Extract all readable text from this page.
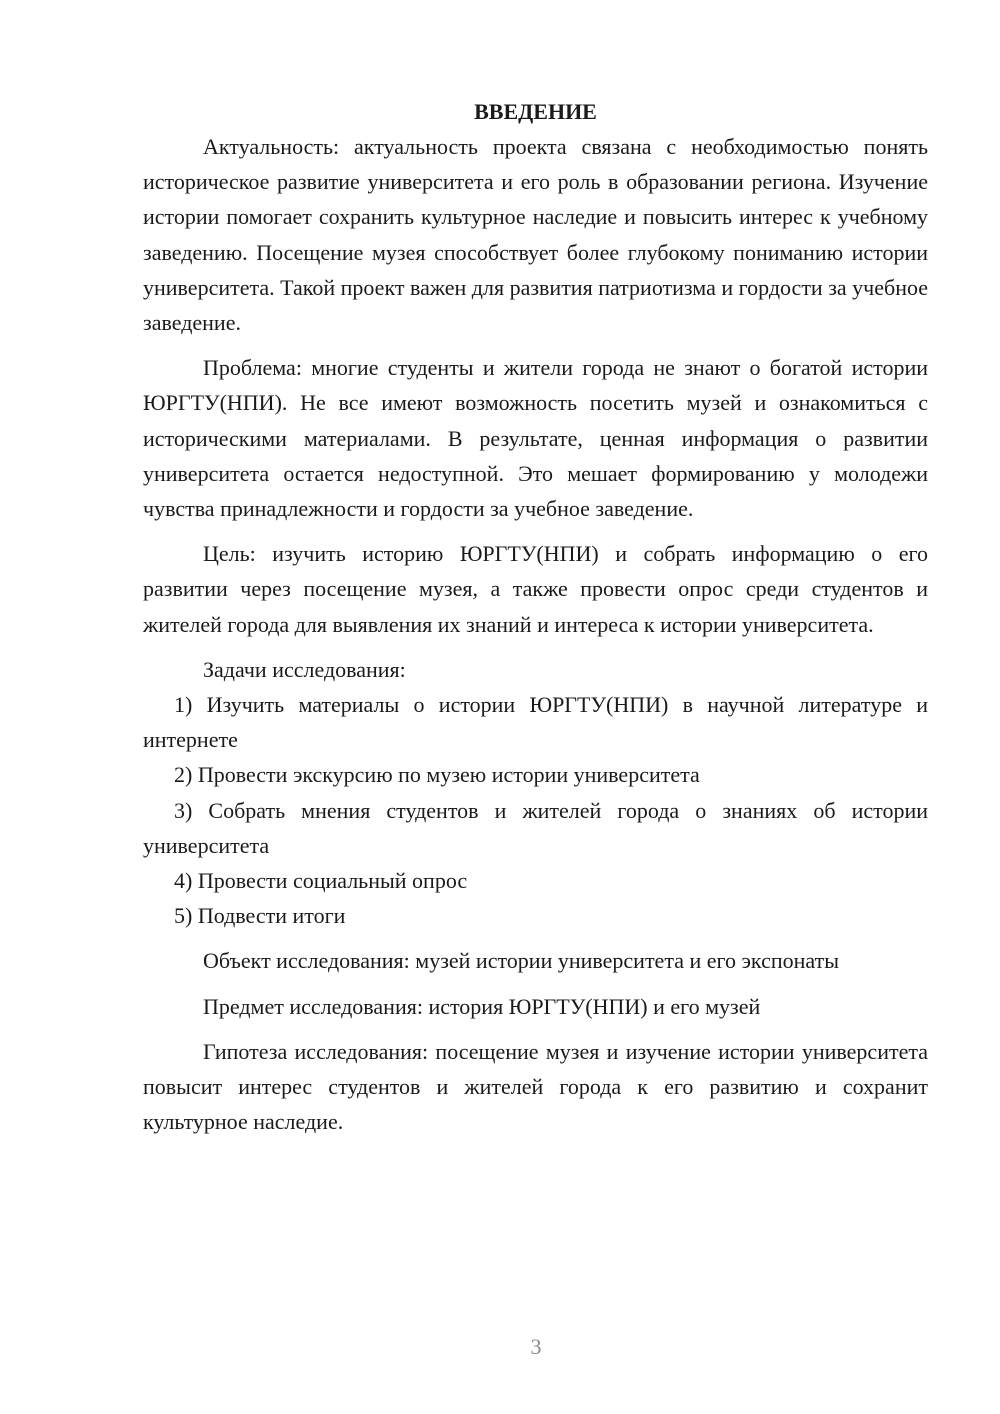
ВВЕДЕНИЕ

Актуальность: актуальность проекта связана с необходимостью понять историческое развитие университета и его роль в образовании региона. Изучение истории помогает сохранить культурное наследие и повысить интерес к учебному заведению. Посещение музея способствует более глубокому пониманию истории университета. Такой проект важен для развития патриотизма и гордости за учебное заведение.

Проблема: многие студенты и жители города не знают о богатой истории ЮРГТУ(НПИ). Не все имеют возможность посетить музей и ознакомиться с историческими материалами. В результате, ценная информация о развитии университета остается недоступной. Это мешает формированию у молодежи чувства принадлежности и гордости за учебное заведение.

Цель: изучить историю ЮРГТУ(НПИ) и собрать информацию о его развитии через посещение музея, а также провести опрос среди студентов и жителей города для выявления их знаний и интереса к истории университета.

Задачи исследования:

1) Изучить материалы о истории ЮРГТУ(НПИ) в научной литературе и интернете

2) Провести экскурсию по музею истории университета

3) Собрать мнения студентов и жителей города о знаниях об истории университета

4) Провести социальный опрос

5) Подвести итоги

Объект исследования: музей истории университета и его экспонаты

Предмет исследования: история ЮРГТУ(НПИ) и его музей

Гипотеза исследования: посещение музея и изучение истории университета повысит интерес студентов и жителей города к его развитию и сохранит культурное наследие.

3
